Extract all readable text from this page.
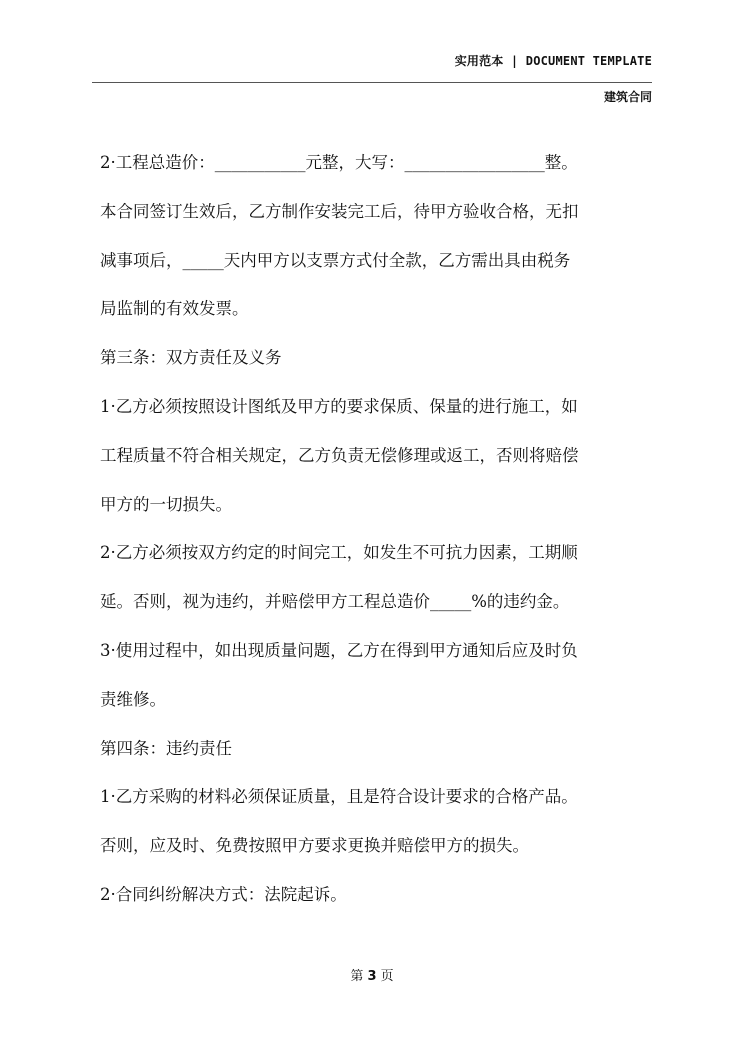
实用范本 | DOCUMENT TEMPLATE
建筑合同
2·工程总造价：___________元整，大写：_________________整。
本合同签订生效后，乙方制作安装完工后，待甲方验收合格，无扣
减事项后，_____天内甲方以支票方式付全款，乙方需出具由税务
局监制的有效发票。
第三条：双方责任及义务
1·乙方必须按照设计图纸及甲方的要求保质、保量的进行施工，如
工程质量不符合相关规定，乙方负责无偿修理或返工，否则将赔偿
甲方的一切损失。
2·乙方必须按双方约定的时间完工，如发生不可抗力因素，工期顺
延。否则，视为违约，并赔偿甲方工程总造价_____%的违约金。
3·使用过程中，如出现质量问题，乙方在得到甲方通知后应及时负
责维修。
第四条：违约责任
1·乙方采购的材料必须保证质量，且是符合设计要求的合格产品。
否则，应及时、免费按照甲方要求更换并赔偿甲方的损失。
2·合同纠纷解决方式：法院起诉。
第 3 页
